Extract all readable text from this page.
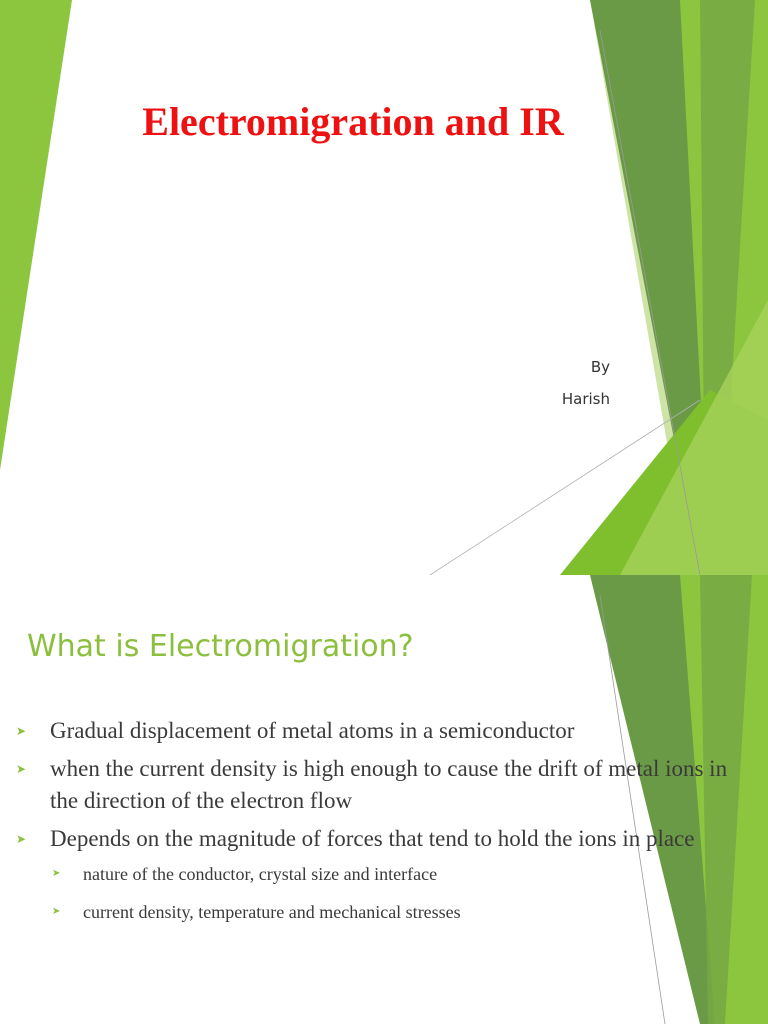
Electromigration and IR
By
Harish
What is Electromigration?
➤ Gradual displacement of metal atoms in a semiconductor
➤ when the current density is high enough to cause the drift of metal ions in the direction of the electron flow
➤ Depends on the magnitude of forces that tend to hold the ions in place
➤ nature of the conductor, crystal size and interface
➤ current density, temperature and mechanical stresses
